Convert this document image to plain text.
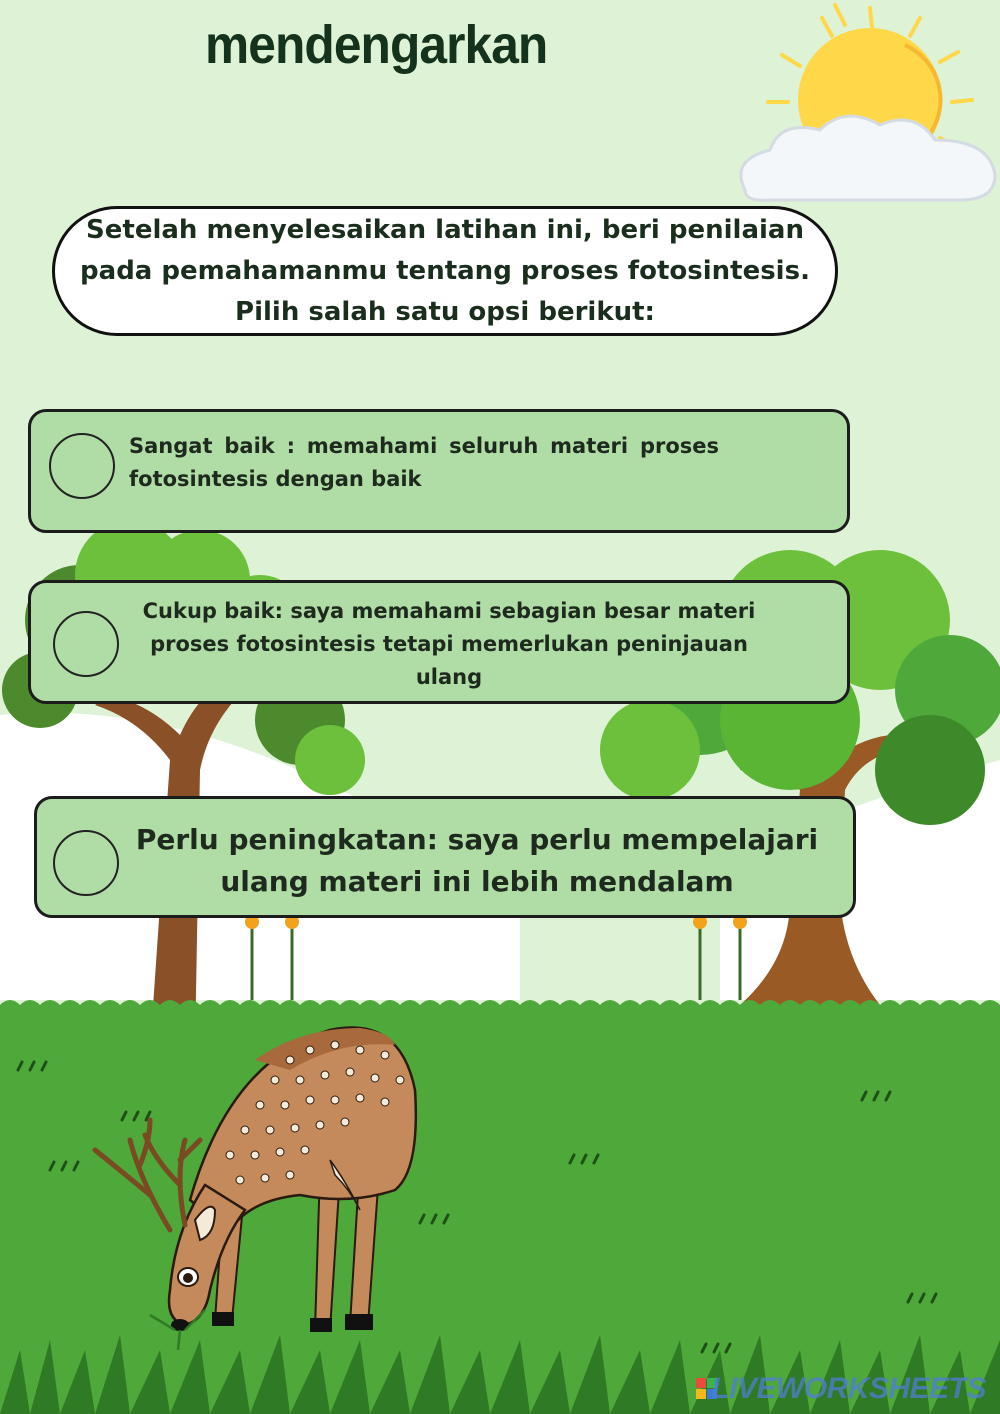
mendengarkan
Setelah menyelesaikan latihan ini, beri penilaian pada pemahamanmu tentang proses fotosintesis. Pilih salah satu opsi berikut:
Sangat baik : memahami seluruh materi proses fotosintesis dengan baik
Cukup baik: saya memahami sebagian besar materi proses fotosintesis tetapi memerlukan peninjauan ulang
Perlu peningkatan: saya perlu mempelajari ulang materi ini lebih mendalam
LIVEWORKSHEETS
